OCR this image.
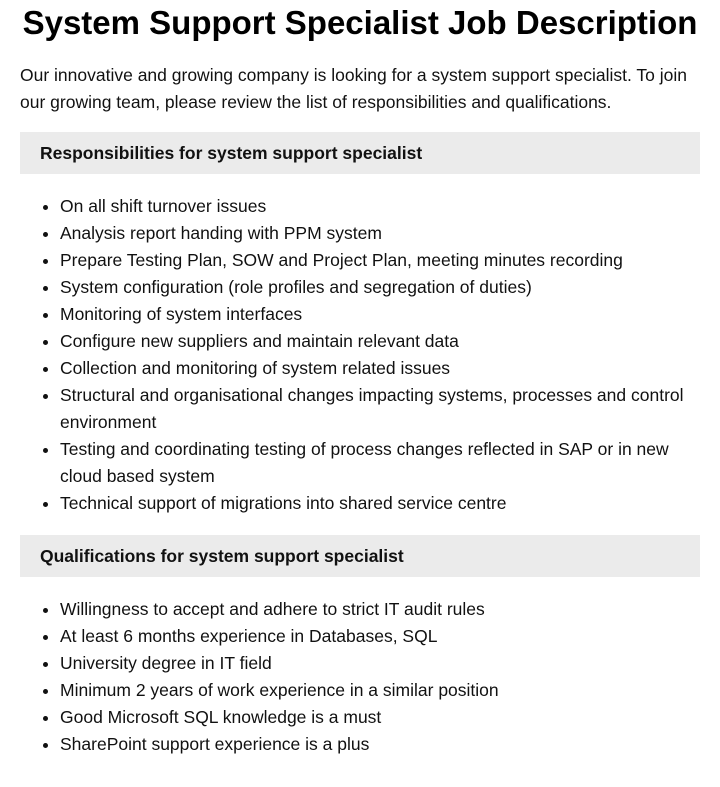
System Support Specialist Job Description

Our innovative and growing company is looking for a system support specialist. To join our growing team, please review the list of responsibilities and qualifications.

Responsibilities for system support specialist
• On all shift turnover issues
• Analysis report handing with PPM system
• Prepare Testing Plan, SOW and Project Plan, meeting minutes recording
• System configuration (role profiles and segregation of duties)
• Monitoring of system interfaces
• Configure new suppliers and maintain relevant data
• Collection and monitoring of system related issues
• Structural and organisational changes impacting systems, processes and control environment
• Testing and coordinating testing of process changes reflected in SAP or in new cloud based system
• Technical support of migrations into shared service centre
Qualifications for system support specialist
• Willingness to accept and adhere to strict IT audit rules
• At least 6 months experience in Databases, SQL
• University degree in IT field
• Minimum 2 years of work experience in a similar position
• Good Microsoft SQL knowledge is a must
• SharePoint support experience is a plus
